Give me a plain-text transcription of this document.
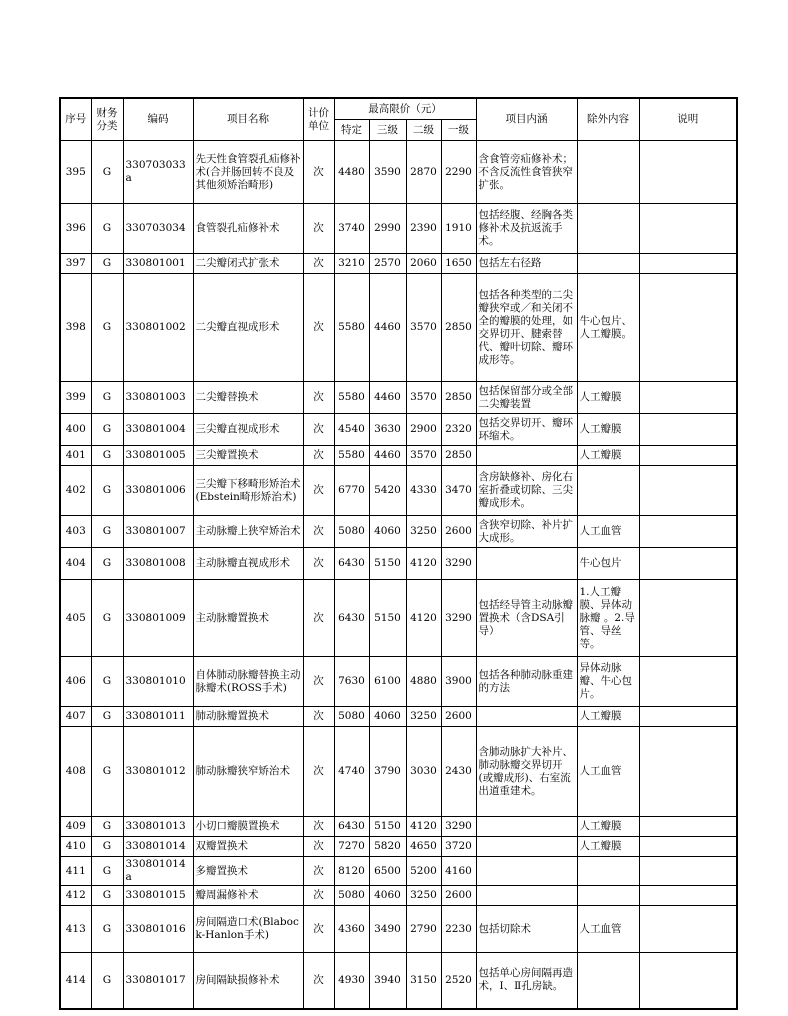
序号	财务分类	编码	项目名称	计价单位	最高限价（元）				项目内涵	除外内容	说明
					特定	三级	二级	一级			
395	G	330703033a	先天性食管裂孔疝修补术(合并肠回转不良及其他须矫治畸形)	次	4480	3590	2870	2290	含食管旁疝修补术；不含反流性食管狭窄扩张。		
396	G	330703034	食管裂孔疝修补术	次	3740	2990	2390	1910	包括经腹、经胸各类修补术及抗返流手术。		
397	G	330801001	二尖瓣闭式扩张术	次	3210	2570	2060	1650	包括左右径路		
398	G	330801002	二尖瓣直视成形术	次	5580	4460	3570	2850	包括各种类型的二尖瓣狭窄或／和关闭不全的瓣膜的处理，如交界切开、腱索替代、瓣叶切除、瓣环成形等。	牛心包片、人工瓣膜。	
399	G	330801003	二尖瓣替换术	次	5580	4460	3570	2850	包括保留部分或全部二尖瓣装置	人工瓣膜	
400	G	330801004	三尖瓣直视成形术	次	4540	3630	2900	2320	包括交界切开、瓣环环缩术。	人工瓣膜	
401	G	330801005	三尖瓣置换术	次	5580	4460	3570	2850		人工瓣膜	
402	G	330801006	三尖瓣下移畸形矫治术(Ebstein畸形矫治术)	次	6770	5420	4330	3470	含房缺修补、房化右室折叠或切除、三尖瓣成形术。		
403	G	330801007	主动脉瓣上狭窄矫治术	次	5080	4060	3250	2600	含狭窄切除、补片扩大成形。	人工血管	
404	G	330801008	主动脉瓣直视成形术	次	6430	5150	4120	3290		牛心包片	
405	G	330801009	主动脉瓣置换术	次	6430	5150	4120	3290	包括经导管主动脉瓣置换术（含DSA引导）	1.人工瓣膜、异体动脉瓣 。2.导管、导丝等。	
406	G	330801010	自体肺动脉瓣替换主动脉瓣术(ROSS手术)	次	7630	6100	4880	3900	包括各种肺动脉重建的方法	异体动脉瓣、牛心包片。	
407	G	330801011	肺动脉瓣置换术	次	5080	4060	3250	2600		人工瓣膜	
408	G	330801012	肺动脉瓣狭窄矫治术	次	4740	3790	3030	2430	含肺动脉扩大补片、肺动脉瓣交界切开(或瓣成形)、右室流出道重建术。	人工血管	
409	G	330801013	小切口瓣膜置换术	次	6430	5150	4120	3290		人工瓣膜	
410	G	330801014	双瓣置换术	次	7270	5820	4650	3720		人工瓣膜	
411	G	330801014a	多瓣置换术	次	8120	6500	5200	4160			
412	G	330801015	瓣周漏修补术	次	5080	4060	3250	2600			
413	G	330801016	房间隔造口术(Blabock-Hanlon手术)	次	4360	3490	2790	2230	包括切除术	人工血管	
414	G	330801017	房间隔缺损修补术	次	4930	3940	3150	2520	包括单心房间隔再造术，Ⅰ、Ⅱ孔房缺。		
